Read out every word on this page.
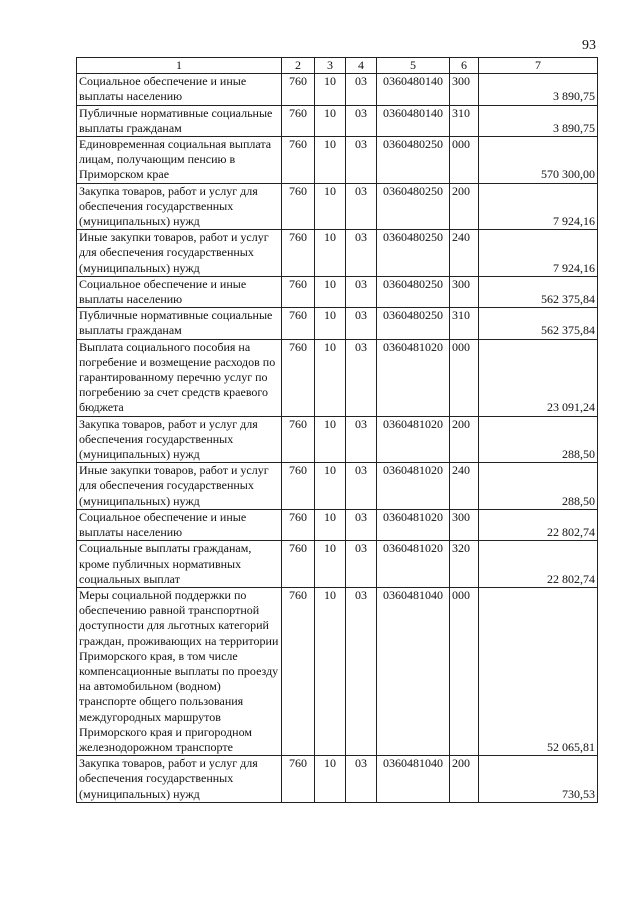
93
1	2	3	4	5	6	7
Социальное обеспечение и иные выплаты населению	760	10	03	0360480140	300	3 890,75
Публичные нормативные социальные выплаты гражданам	760	10	03	0360480140	310	3 890,75
Единовременная социальная выплата лицам, получающим пенсию в Приморском крае	760	10	03	0360480250	000	570 300,00
Закупка товаров, работ и услуг для обеспечения государственных (муниципальных) нужд	760	10	03	0360480250	200	7 924,16
Иные закупки товаров, работ и услуг для обеспечения государственных (муниципальных) нужд	760	10	03	0360480250	240	7 924,16
Социальное обеспечение и иные выплаты населению	760	10	03	0360480250	300	562 375,84
Публичные нормативные социальные выплаты гражданам	760	10	03	0360480250	310	562 375,84
Выплата социального пособия на погребение и возмещение расходов по гарантированному перечню услуг по погребению за счет средств краевого бюджета	760	10	03	0360481020	000	23 091,24
Закупка товаров, работ и услуг для обеспечения государственных (муниципальных) нужд	760	10	03	0360481020	200	288,50
Иные закупки товаров, работ и услуг для обеспечения государственных (муниципальных) нужд	760	10	03	0360481020	240	288,50
Социальное обеспечение и иные выплаты населению	760	10	03	0360481020	300	22 802,74
Социальные выплаты гражданам, кроме публичных нормативных социальных выплат	760	10	03	0360481020	320	22 802,74
Меры социальной поддержки по обеспечению равной транспортной доступности для льготных категорий граждан, проживающих на территории Приморского края, в том числе компенсационные выплаты по проезду на автомобильном (водном) транспорте общего пользования междугородных маршрутов Приморского края и пригородном железнодорожном транспорте	760	10	03	0360481040	000	52 065,81
Закупка товаров, работ и услуг для обеспечения государственных (муниципальных) нужд	760	10	03	0360481040	200	730,53
